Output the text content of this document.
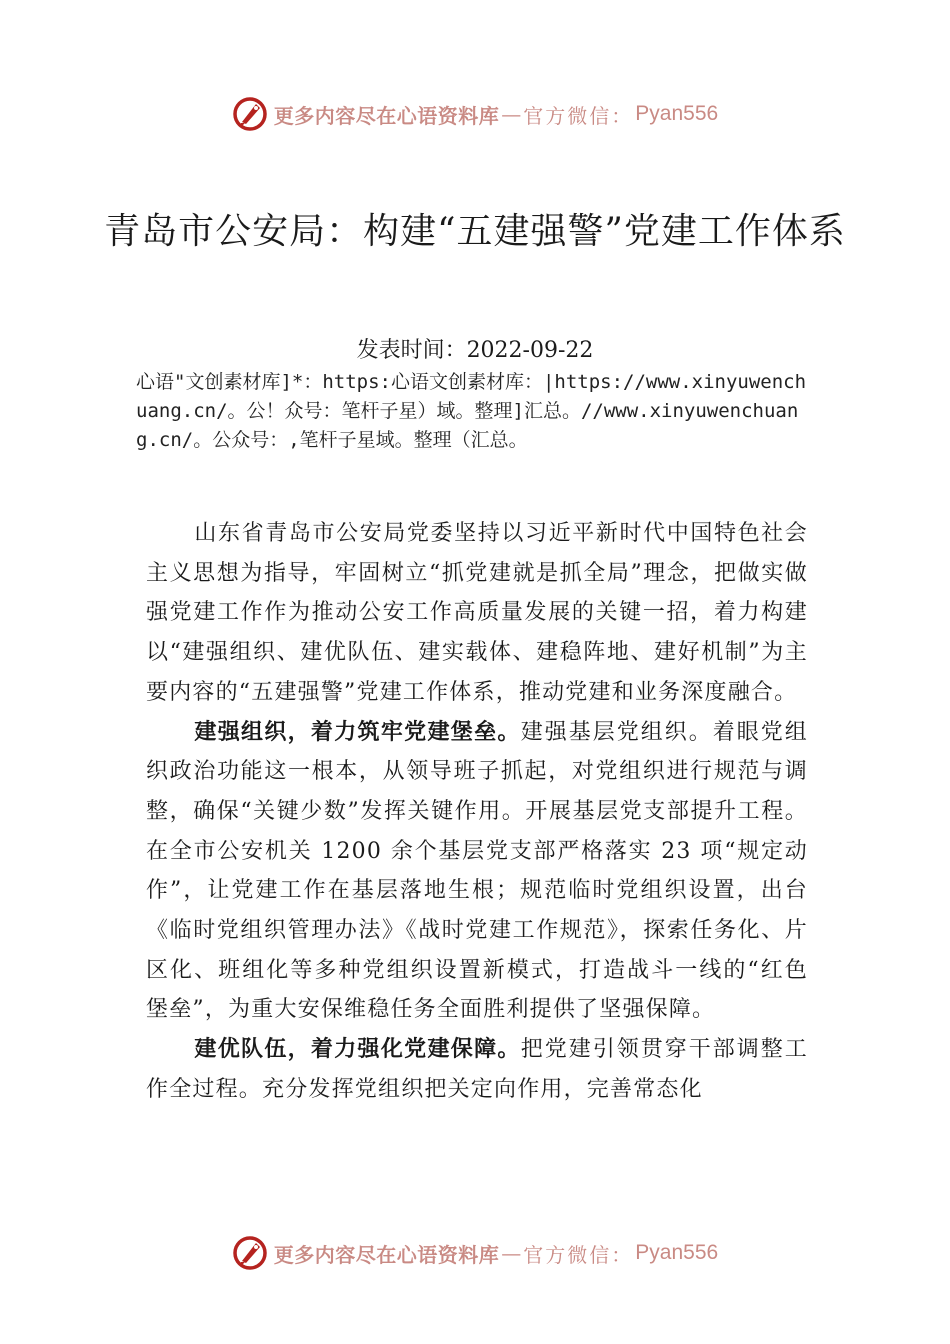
更多内容尽在心语资料库 — 官方微信： Pyan556
青岛市公安局：构建“五建强警”党建工作体系
发表时间：2022-09-22

心语"文创素材库]*：https:心语文创素材库：|https://www.xinyuwenchuang.cn/。公！众号：笔杆子星）域。整理]汇总。//www.xinyuwenchuang.cn/。公众号：,笔杆子星域。整理（汇总。

山东省青岛市公安局党委坚持以习近平新时代中国特色社会主义思想为指导，牢固树立“抓党建就是抓全局”理念，把做实做强党建工作作为推动公安工作高质量发展的关键一招，着力构建以“建强组织、建优队伍、建实载体、建稳阵地、建好机制”为主要内容的“五建强警”党建工作体系，推动党建和业务深度融合。

建强组织，着力筑牢党建堡垒。建强基层党组织。着眼党组织政治功能这一根本，从领导班子抓起，对党组织进行规范与调整，确保“关键少数”发挥关键作用。开展基层党支部提升工程。在全市公安机关 1200 余个基层党支部严格落实 23 项“规定动作”，让党建工作在基层落地生根；规范临时党组织设置，出台《临时党组织管理办法》《战时党建工作规范》，探索任务化、片区化、班组化等多种党组织设置新模式，打造战斗一线的“红色堡垒”，为重大安保维稳任务全面胜利提供了坚强保障。

建优队伍，着力强化党建保障。把党建引领贯穿干部调整工作全过程。充分发挥党组织把关定向作用，完善常态化

更多内容尽在心语资料库 — 官方微信： Pyan556
